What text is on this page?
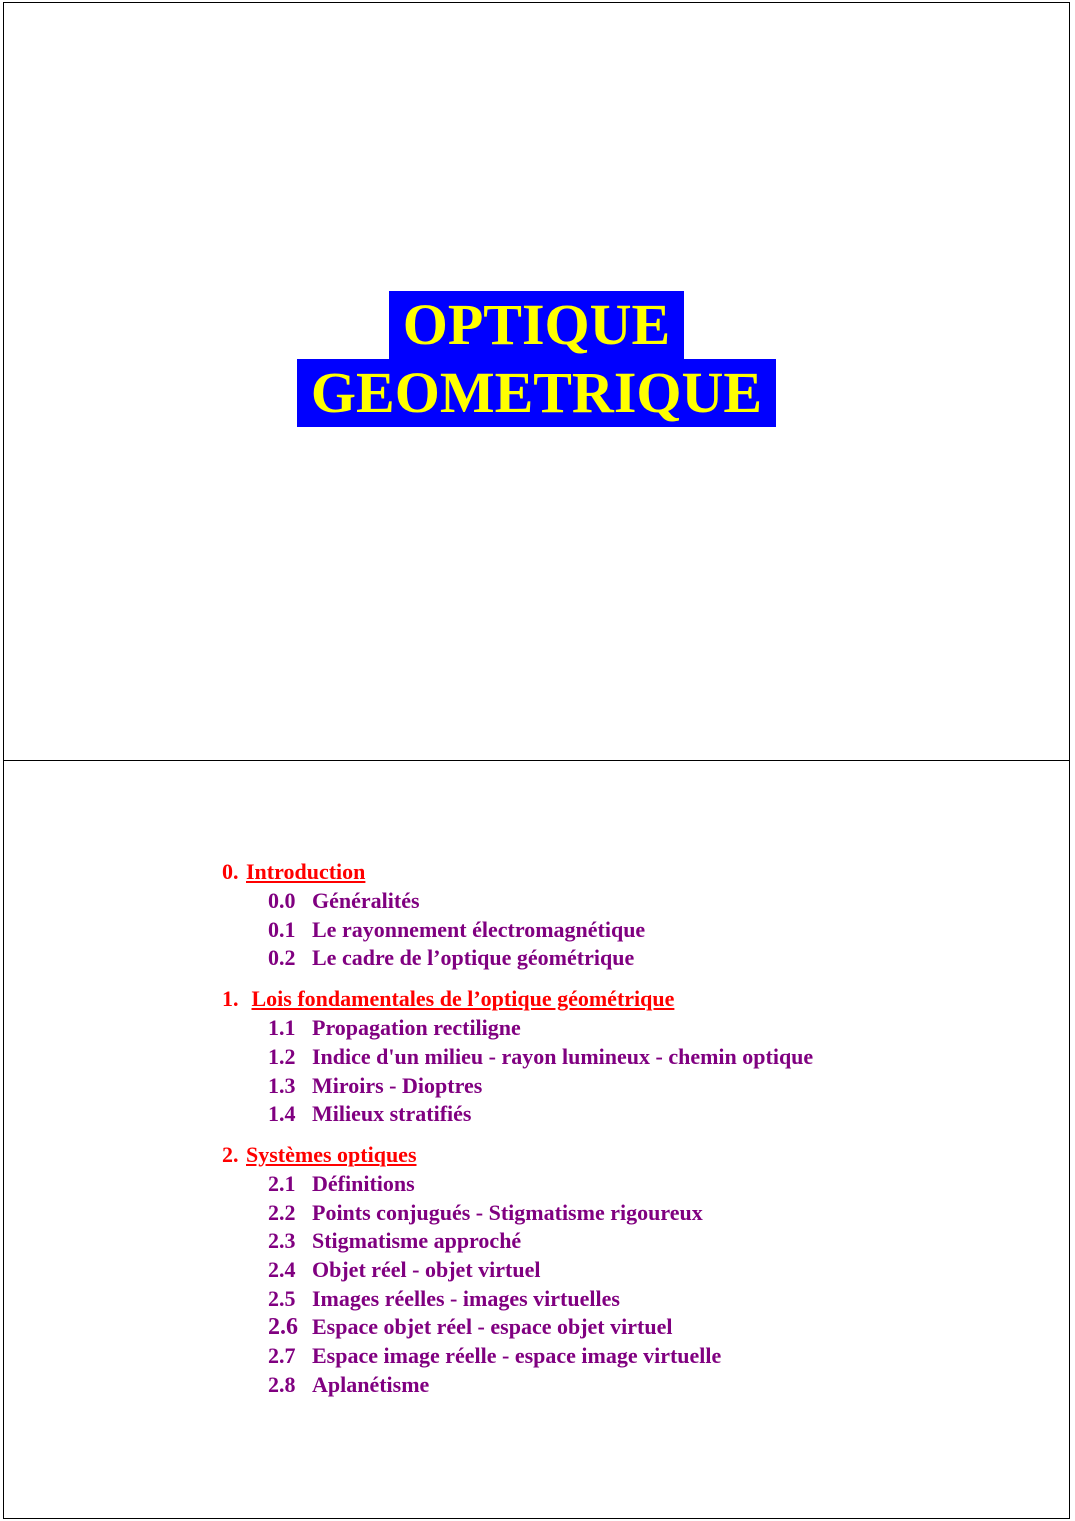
OPTIQUE
GEOMETRIQUE
0. Introduction
0.0 Généralités
0.1 Le rayonnement électromagnétique
0.2 Le cadre de l’optique géométrique
1. Lois fondamentales de l’optique géométrique
1.1 Propagation rectiligne
1.2 Indice d'un milieu - rayon lumineux - chemin optique
1.3 Miroirs - Dioptres
1.4 Milieux stratifiés
2. Systèmes optiques
2.1 Définitions
2.2 Points conjugués - Stigmatisme rigoureux
2.3 Stigmatisme approché
2.4 Objet réel - objet virtuel
2.5 Images réelles - images virtuelles
2.6 Espace objet réel - espace objet virtuel
2.7 Espace image réelle - espace image virtuelle
2.8 Aplanétisme
